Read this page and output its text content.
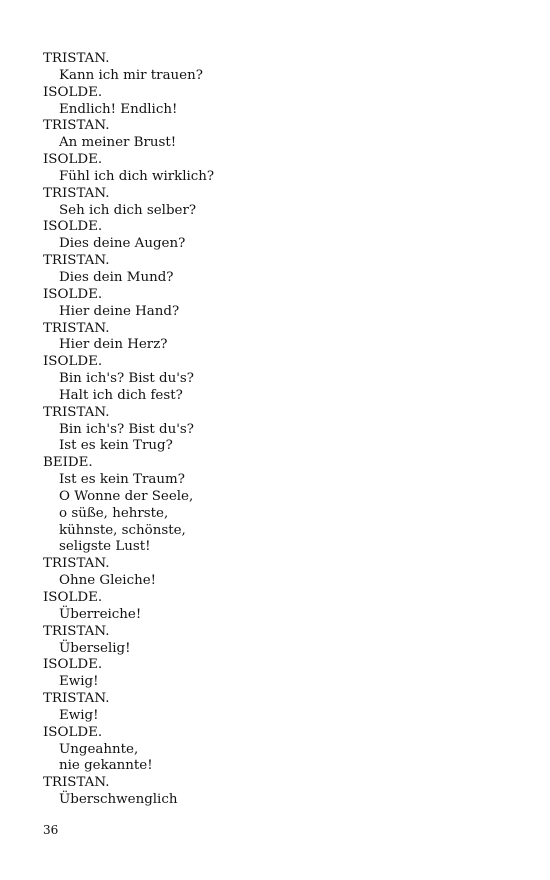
TRISTAN.
Kann ich mir trauen?
ISOLDE.
Endlich! Endlich!
TRISTAN.
An meiner Brust!
ISOLDE.
Fühl ich dich wirklich?
TRISTAN.
Seh ich dich selber?
ISOLDE.
Dies deine Augen?
TRISTAN.
Dies dein Mund?
ISOLDE.
Hier deine Hand?
TRISTAN.
Hier dein Herz?
ISOLDE.
Bin ich's? Bist du's?
Halt ich dich fest?
TRISTAN.
Bin ich's? Bist du's?
Ist es kein Trug?
BEIDE.
Ist es kein Traum?
O Wonne der Seele,
o süße, hehrste,
kühnste, schönste,
seligste Lust!
TRISTAN.
Ohne Gleiche!
ISOLDE.
Überreiche!
TRISTAN.
Überselig!
ISOLDE.
Ewig!
TRISTAN.
Ewig!
ISOLDE.
Ungeahnte,
nie gekannte!
TRISTAN.
Überschwenglich
36
